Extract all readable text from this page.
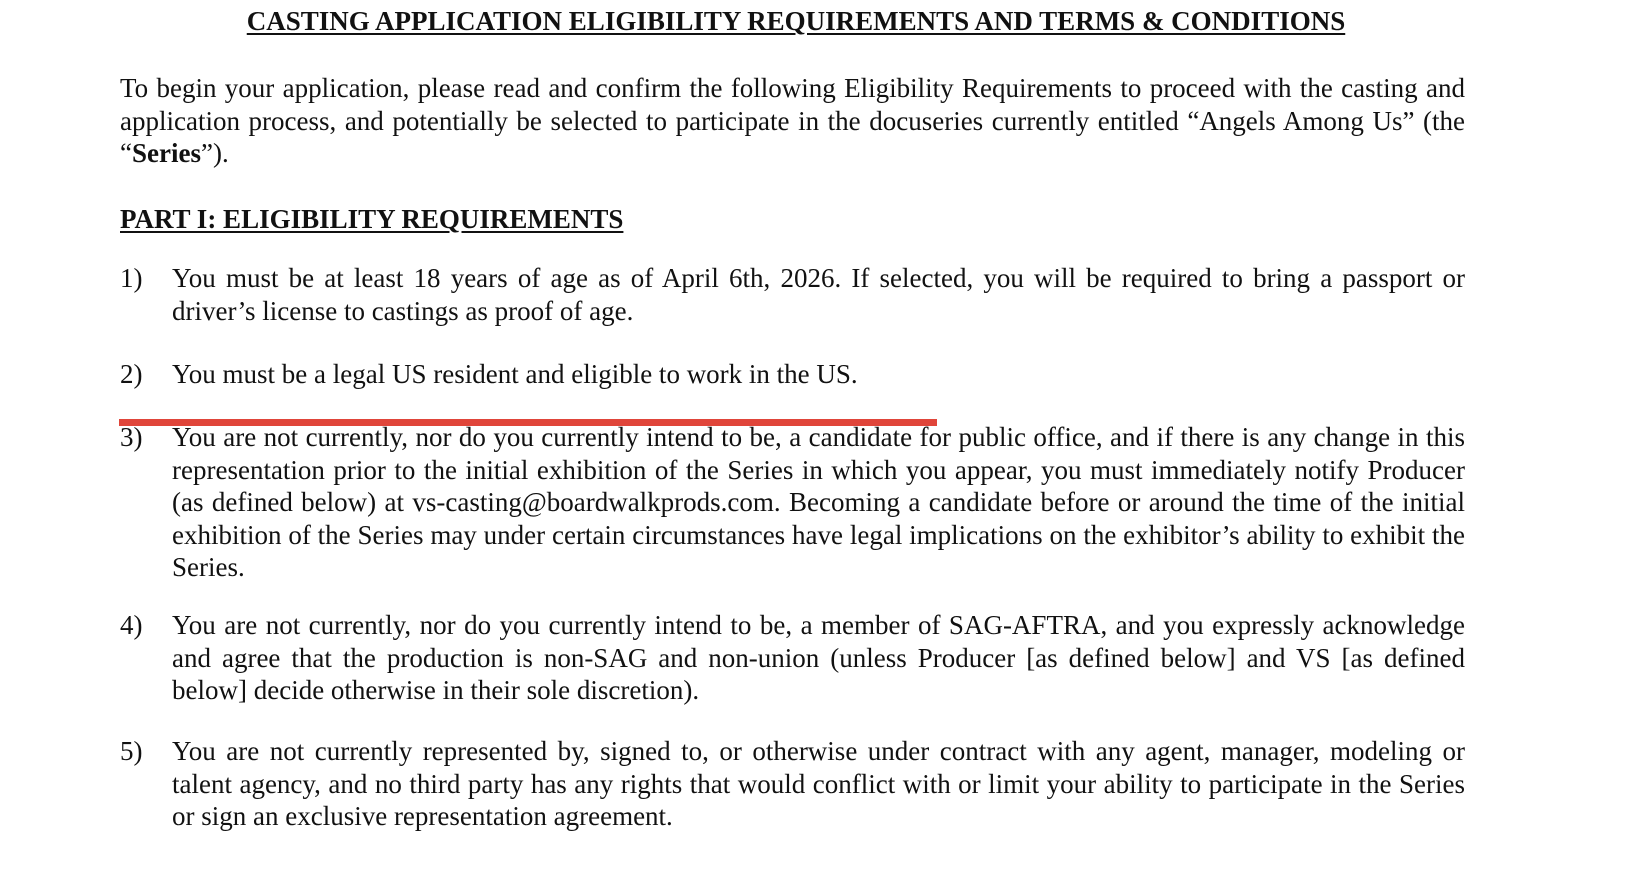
CASTING APPLICATION ELIGIBILITY REQUIREMENTS AND TERMS & CONDITIONS
To begin your application, please read and confirm the following Eligibility Requirements to proceed with the casting and application process, and potentially be selected to participate in the docuseries currently entitled “Angels Among Us” (the “Series”).
PART I: ELIGIBILITY REQUIREMENTS
1)	You must be at least 18 years of age as of April 6th, 2026. If selected, you will be required to bring a passport or driver’s license to castings as proof of age.
2)	You must be a legal US resident and eligible to work in the US.
3)	You are not currently, nor do you currently intend to be, a candidate for public office, and if there is any change in this representation prior to the initial exhibition of the Series in which you appear, you must immediately notify Producer (as defined below) at vs-casting@boardwalkprods.com. Becoming a candidate before or around the time of the initial exhibition of the Series may under certain circumstances have legal implications on the exhibitor’s ability to exhibit the Series.
4)	You are not currently, nor do you currently intend to be, a member of SAG-AFTRA, and you expressly acknowledge and agree that the production is non-SAG and non-union (unless Producer [as defined below] and VS [as defined below] decide otherwise in their sole discretion).
5)	You are not currently represented by, signed to, or otherwise under contract with any agent, manager, modeling or talent agency, and no third party has any rights that would conflict with or limit your ability to participate in the Series or sign an exclusive representation agreement.
